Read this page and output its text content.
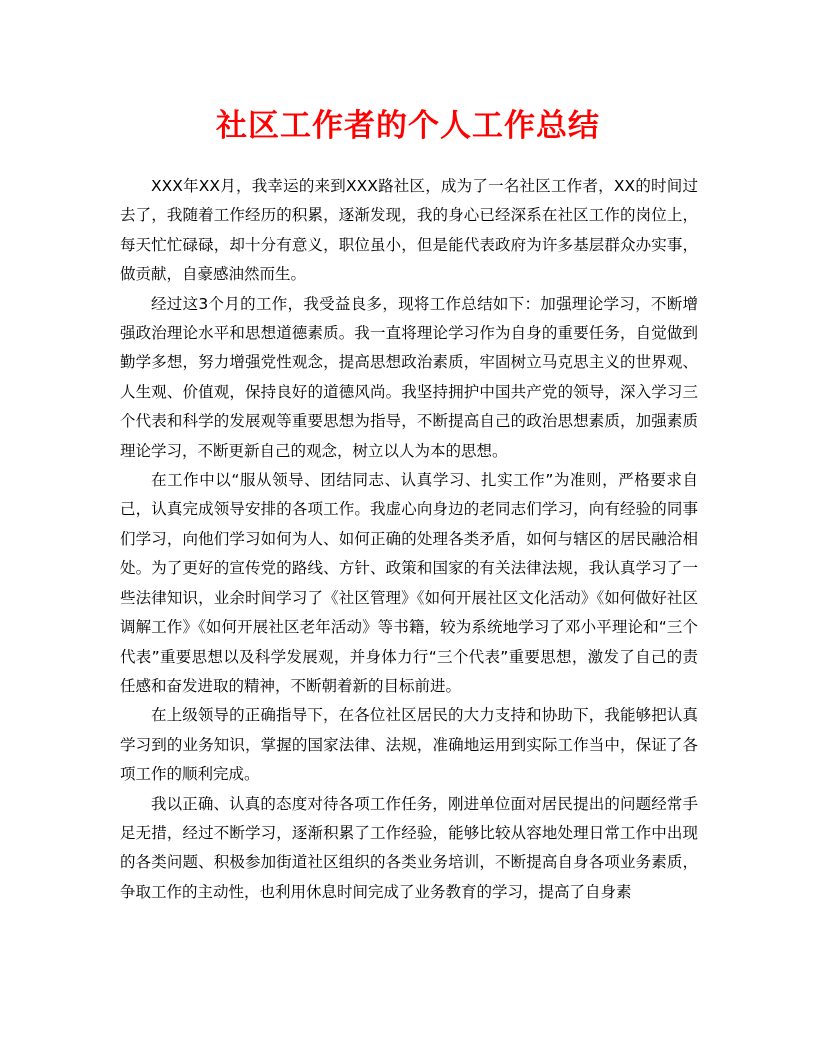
社区工作者的个人工作总结

XXX年XX月，我幸运的来到XXX路社区，成为了一名社区工作者，XX的时间过去了，我随着工作经历的积累，逐渐发现，我的身心已经深系在社区工作的岗位上，每天忙忙碌碌，却十分有意义，职位虽小，但是能代表政府为许多基层群众办实事，做贡献，自豪感油然而生。

经过这3个月的工作，我受益良多，现将工作总结如下：加强理论学习，不断增强政治理论水平和思想道德素质。我一直将理论学习作为自身的重要任务，自觉做到勤学多想，努力增强党性观念，提高思想政治素质，牢固树立马克思主义的世界观、人生观、价值观，保持良好的道德风尚。我坚持拥护中国共产党的领导，深入学习三个代表和科学的发展观等重要思想为指导，不断提高自己的政治思想素质，加强素质理论学习，不断更新自己的观念，树立以人为本的思想。

在工作中以“服从领导、团结同志、认真学习、扎实工作”为准则，严格要求自己，认真完成领导安排的各项工作。我虚心向身边的老同志们学习，向有经验的同事们学习，向他们学习如何为人、如何正确的处理各类矛盾，如何与辖区的居民融洽相处。为了更好的宣传党的路线、方针、政策和国家的有关法律法规，我认真学习了一些法律知识，业余时间学习了《社区管理》《如何开展社区文化活动》《如何做好社区调解工作》《如何开展社区老年活动》等书籍，较为系统地学习了邓小平理论和“三个代表”重要思想以及科学发展观，并身体力行“三个代表”重要思想，激发了自己的责任感和奋发进取的精神，不断朝着新的目标前进。

在上级领导的正确指导下，在各位社区居民的大力支持和协助下，我能够把认真学习到的业务知识，掌握的国家法律、法规，准确地运用到实际工作当中，保证了各项工作的顺利完成。

我以正确、认真的态度对待各项工作任务，刚进单位面对居民提出的问题经常手足无措，经过不断学习，逐渐积累了工作经验，能够比较从容地处理日常工作中出现的各类问题、积极参加街道社区组织的各类业务培训，不断提高自身各项业务素质，争取工作的主动性，也利用休息时间完成了业务教育的学习，提高了自身素
